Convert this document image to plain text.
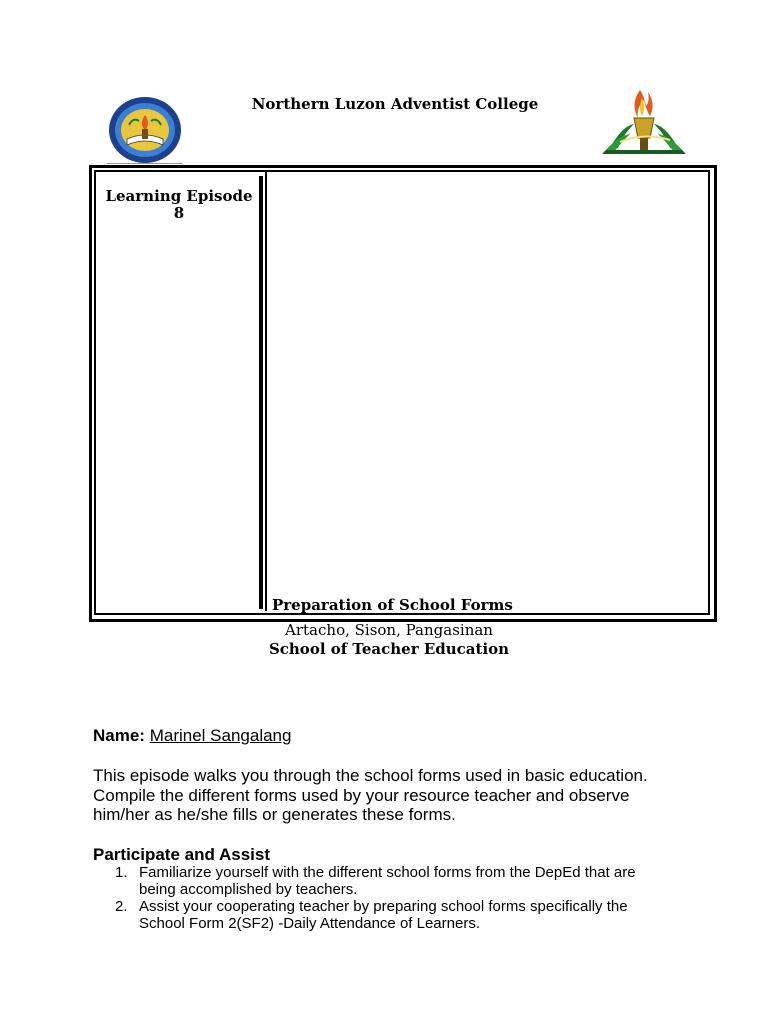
Northern Luzon Adventist College
Learning Episode
8
Preparation of School Forms
Artacho, Sison, Pangasinan
School of Teacher Education
Name: Marinel Sangalang
This episode walks you through the school forms used in basic education. Compile the different forms used by your resource teacher and observe him/her as he/she fills or generates these forms.
Participate and Assist
1. Familiarize yourself with the different school forms from the DepEd that are being accomplished by teachers.
2. Assist your cooperating teacher by preparing school forms specifically the School Form 2(SF2) -Daily Attendance of Learners.
